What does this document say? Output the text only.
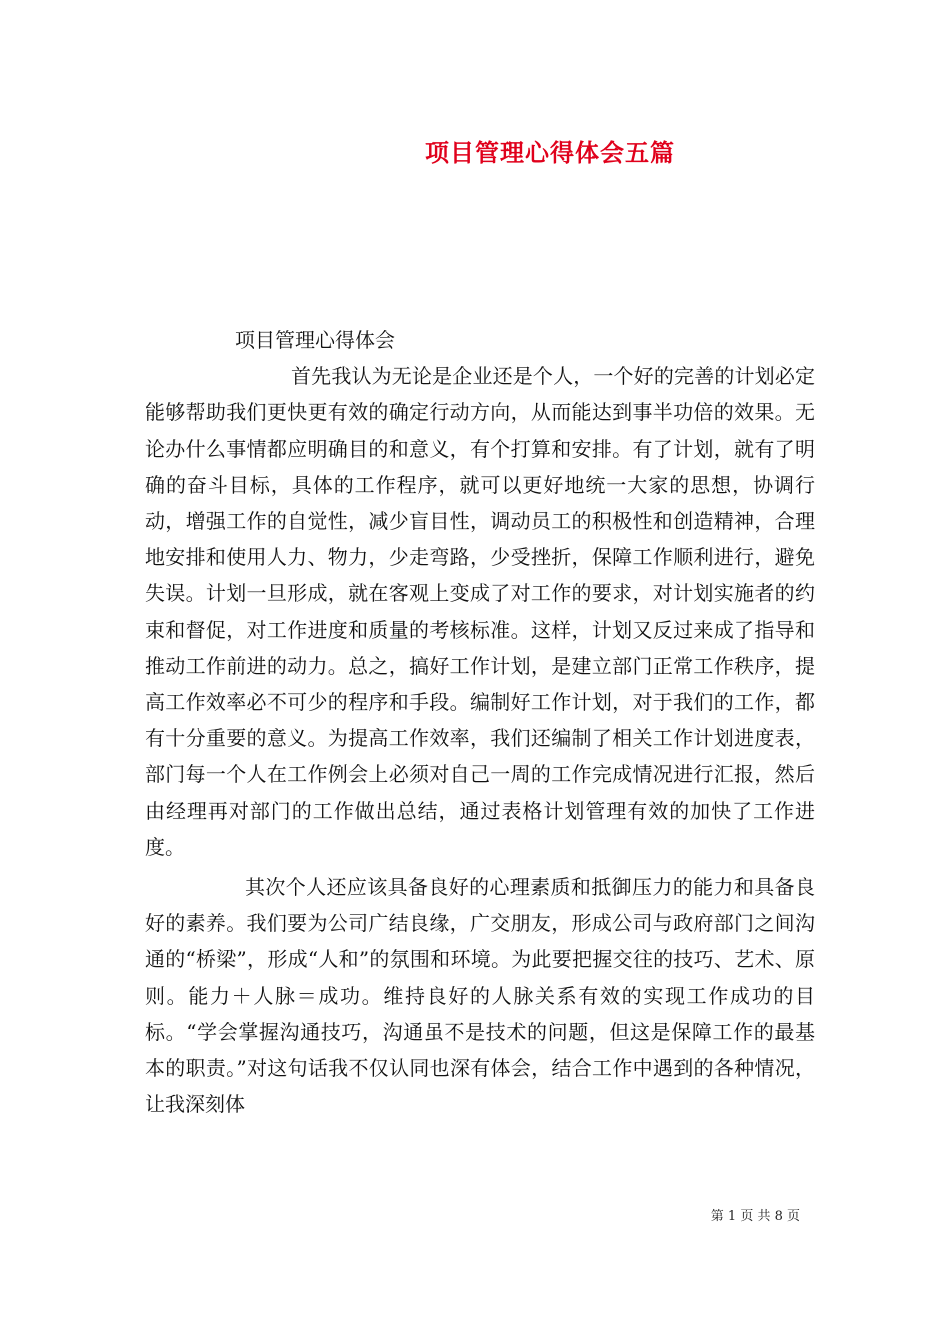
项目管理心得体会五篇

项目管理心得体会

首先我认为无论是企业还是个人，一个好的完善的计划必定能够帮助我们更快更有效的确定行动方向，从而能达到事半功倍的效果。无论办什么事情都应明确目的和意义，有个打算和安排。有了计划，就有了明确的奋斗目标，具体的工作程序，就可以更好地统一大家的思想，协调行动，增强工作的自觉性，减少盲目性，调动员工的积极性和创造精神，合理地安排和使用人力、物力，少走弯路，少受挫折，保障工作顺利进行，避免失误。计划一旦形成，就在客观上变成了对工作的要求，对计划实施者的约束和督促，对工作进度和质量的考核标准。这样，计划又反过来成了指导和推动工作前进的动力。总之，搞好工作计划，是建立部门正常工作秩序，提高工作效率必不可少的程序和手段。编制好工作计划，对于我们的工作，都有十分重要的意义。为提高工作效率，我们还编制了相关工作计划进度表，部门每一个人在工作例会上必须对自己一周的工作完成情况进行汇报，然后由经理再对部门的工作做出总结，通过表格计划管理有效的加快了工作进度。

其次个人还应该具备良好的心理素质和抵御压力的能力和具备良好的素养。我们要为公司广结良缘，广交朋友，形成公司与政府部门之间沟通的“桥梁”，形成“人和”的氛围和环境。为此要把握交往的技巧、艺术、原则。能力＋人脉＝成功。维持良好的人脉关系有效的实现工作成功的目标。“学会掌握沟通技巧，沟通虽不是技术的问题，但这是保障工作的最基本的职责。”对这句话我不仅认同也深有体会，结合工作中遇到的各种情况，让我深刻体

第 1 页 共 8 页
